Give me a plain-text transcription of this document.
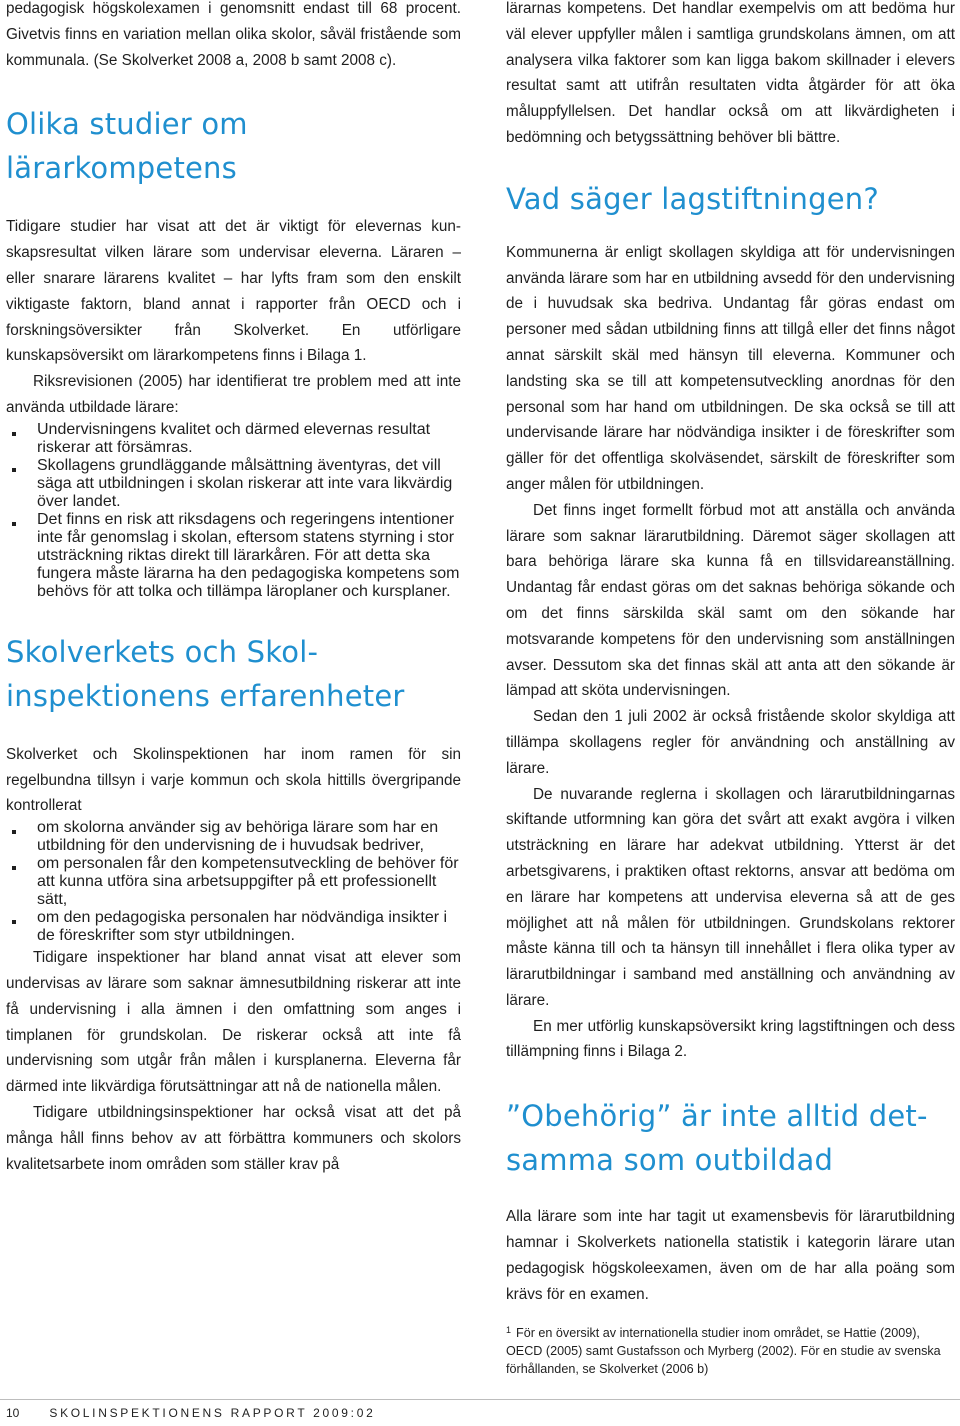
pedagogisk högskolexamen i genomsnitt endast till 68 procent. Givetvis finns en variation mellan olika skolor, såväl fristående som kommunala. (Se Skolverket 2008 a, 2008 b samt 2008 c).

Olika studier om lärarkompetens

Tidigare studier har visat att det är viktigt för elevernas kunskapsresultat vilken lärare som undervisar eleverna. Läraren – eller snarare lärarens kvalitet – har lyfts fram som den enskilt viktigaste faktorn, bland annat i rapporter från OECD och i forskningsöversikter från Skolverket. En utförligare kunskapsöversikt om lärarkompetens finns i Bilaga 1.

Riksrevisionen (2005) har identifierat tre problem med att inte använda utbildade lärare:

Undervisningens kvalitet och därmed elevernas resultat riskerar att försämras.
Skollagens grundläggande målsättning äventyras, det vill säga att utbildningen i skolan riskerar att inte vara likvärdig över landet.
Det finns en risk att riksdagens och regeringens intentioner inte får genomslag i skolan, eftersom statens styrning i stor utsträckning riktas direkt till lärarkåren. För att detta ska fungera måste lärarna ha den pedagogiska kompetens som behövs för att tolka och tillämpa läroplaner och kursplaner.
Skolverkets och Skolinspektionens erfarenheter

Skolverket och Skolinspektionen har inom ramen för sin regelbundna tillsyn i varje kommun och skola hittills övergripande kontrollerat

om skolorna använder sig av behöriga lärare som har en utbildning för den undervisning de i huvudsak bedriver,
om personalen får den kompetensutveckling de behöver för att kunna utföra sina arbetsuppgifter på ett professionellt sätt,
om den pedagogiska personalen har nödvändiga insikter i de föreskrifter som styr utbildningen.

Tidigare inspektioner har bland annat visat att elever som undervisas av lärare som saknar ämnesutbildning riskerar att inte få undervisning i alla ämnen i den omfattning som anges i timplanen för grundskolan. De riskerar också att inte få undervisning som utgår från målen i kursplanerna. Eleverna får därmed inte likvärdiga förutsättningar att nå de nationella målen.

Tidigare utbildningsinspektioner har också visat att det på många håll finns behov av att förbättra kommuners och skolors kvalitetsarbete inom områden som ställer krav på

lärarnas kompetens. Det handlar exempelvis om att bedöma hur väl elever uppfyller målen i samtliga grundskolans ämnen, om att analysera vilka faktorer som kan ligga bakom skillnader i elevers resultat samt att utifrån resultaten vidta åtgärder för att öka måluppfyllelsen. Det handlar också om att likvärdigheten i bedömning och betygssättning behöver bli bättre.

Vad säger lagstiftningen?

Kommunerna är enligt skollagen skyldiga att för undervisningen använda lärare som har en utbildning avsedd för den undervisning de i huvudsak ska bedriva. Undantag får göras endast om personer med sådan utbildning finns att tillgå eller det finns något annat särskilt skäl med hänsyn till eleverna. Kommuner och landsting ska se till att kompetensutveckling anordnas för den personal som har hand om utbildningen. De ska också se till att undervisande lärare har nödvändiga insikter i de föreskrifter som gäller för det offentliga skolväsendet, särskilt de föreskrifter som anger målen för utbildningen.

Det finns inget formellt förbud mot att anställa och använda lärare som saknar lärarutbildning. Däremot säger skollagen att bara behöriga lärare ska kunna få en tillsvidareanställning. Undantag får endast göras om det saknas behöriga sökande och om det finns särskilda skäl samt om den sökande har motsvarande kompetens för den undervisning som anställningen avser. Dessutom ska det finnas skäl att anta att den sökande är lämpad att sköta undervisningen.

Sedan den 1 juli 2002 är också fristående skolor skyldiga att tillämpa skollagens regler för användning och anställning av lärare.

De nuvarande reglerna i skollagen och lärarutbildningarnas skiftande utformning kan göra det svårt att exakt avgöra i vilken utsträckning en lärare har adekvat utbildning. Ytterst är det arbetsgivarens, i praktiken oftast rektorns, ansvar att bedöma om en lärare har kompetens att undervisa eleverna så att de ges möjlighet att nå målen för utbildningen. Grundskolans rektorer måste känna till och ta hänsyn till innehållet i flera olika typer av lärarutbildningar i samband med anställning och användning av lärare.

En mer utförlig kunskapsöversikt kring lagstiftningen och dess tillämpning finns i Bilaga 2.

”Obehörig” är inte alltid detsamma som outbildad

Alla lärare som inte har tagit ut examensbevis för lärarutbildning hamnar i Skolverkets nationella statistik i kategorin lärare utan pedagogisk högskoleexamen, även om de har alla poäng som krävs för en examen.

$^1$ För en översikt av internationella studier inom området, se Hattie (2009), OECD (2005) samt Gustafsson och Myrberg (2002). För en studie av svenska förhållanden, se Skolverket (2006 b)
10	SKOLINSPEKTIONENS RAPPORT 2009:02
